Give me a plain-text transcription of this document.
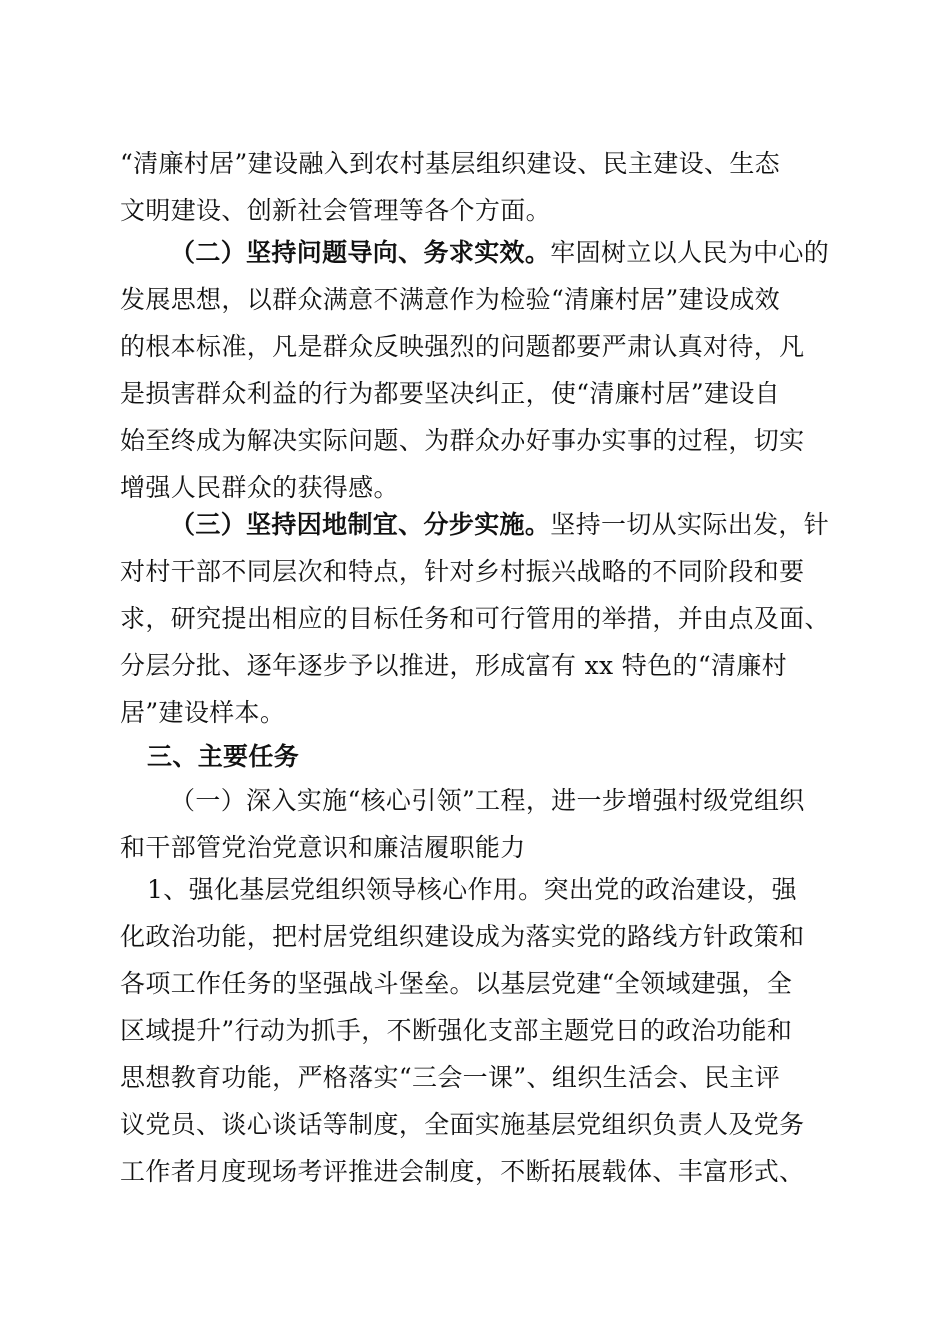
“清廉村居”建设融入到农村基层组织建设、民主建设、生态
文明建设、创新社会管理等各个方面。
（二）坚持问题导向、务求实效。牢固树立以人民为中心的
发展思想，以群众满意不满意作为检验“清廉村居”建设成效
的根本标准，凡是群众反映强烈的问题都要严肃认真对待，凡
是损害群众利益的行为都要坚决纠正，使“清廉村居”建设自
始至终成为解决实际问题、为群众办好事办实事的过程，切实
增强人民群众的获得感。
（三）坚持因地制宜、分步实施。坚持一切从实际出发，针
对村干部不同层次和特点，针对乡村振兴战略的不同阶段和要
求，研究提出相应的目标任务和可行管用的举措，并由点及面、
分层分批、逐年逐步予以推进，形成富有 xx 特色的“清廉村
居”建设样本。
三、主要任务
（一）深入实施“核心引领”工程，进一步增强村级党组织
和干部管党治党意识和廉洁履职能力
1、强化基层党组织领导核心作用。突出党的政治建设，强
化政治功能，把村居党组织建设成为落实党的路线方针政策和
各项工作任务的坚强战斗堡垒。以基层党建“全领域建强，全
区域提升”行动为抓手，不断强化支部主题党日的政治功能和
思想教育功能，严格落实“三会一课”、组织生活会、民主评
议党员、谈心谈话等制度，全面实施基层党组织负责人及党务
工作者月度现场考评推进会制度，不断拓展载体、丰富形式、
